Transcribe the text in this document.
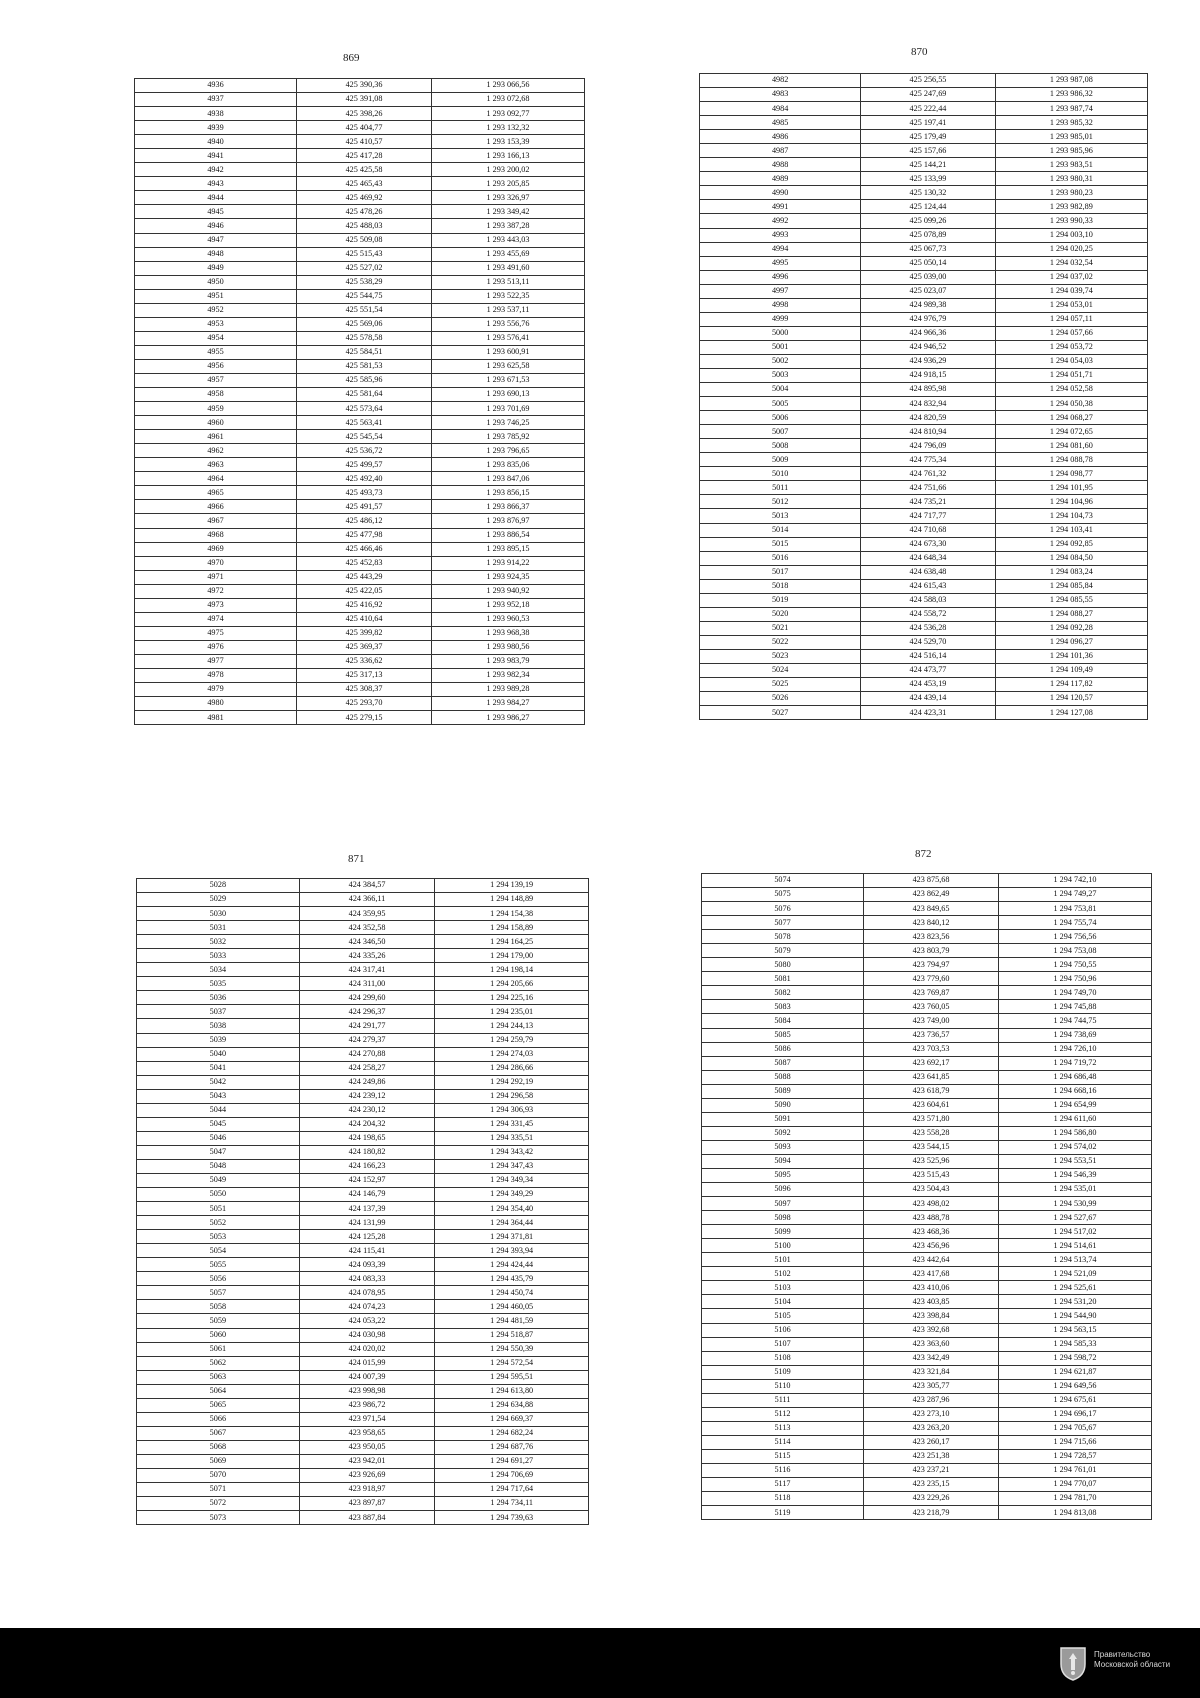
869	870
871	872
4936	425 390,36	1 293 066,56
4937	425 391,08	1 293 072,68
4938	425 398,26	1 293 092,77
4939	425 404,77	1 293 132,32
4940	425 410,57	1 293 153,39
4941	425 417,28	1 293 166,13
4942	425 425,58	1 293 200,02
4943	425 465,43	1 293 205,85
4944	425 469,92	1 293 326,97
4945	425 478,26	1 293 349,42
4946	425 488,03	1 293 387,28
4947	425 509,08	1 293 443,03
4948	425 515,43	1 293 455,69
4949	425 527,02	1 293 491,60
4950	425 538,29	1 293 513,11
4951	425 544,75	1 293 522,35
4952	425 551,54	1 293 537,11
4953	425 569,06	1 293 556,76
4954	425 578,58	1 293 576,41
4955	425 584,51	1 293 600,91
4956	425 581,53	1 293 625,58
4957	425 585,96	1 293 671,53
4958	425 581,64	1 293 690,13
4959	425 573,64	1 293 701,69
4960	425 563,41	1 293 746,25
4961	425 545,54	1 293 785,92
4962	425 536,72	1 293 796,65
4963	425 499,57	1 293 835,06
4964	425 492,40	1 293 847,06
4965	425 493,73	1 293 856,15
4966	425 491,57	1 293 866,37
4967	425 486,12	1 293 876,97
4968	425 477,98	1 293 886,54
4969	425 466,46	1 293 895,15
4970	425 452,83	1 293 914,22
4971	425 443,29	1 293 924,35
4972	425 422,05	1 293 940,92
4973	425 416,92	1 293 952,18
4974	425 410,64	1 293 960,53
4975	425 399,82	1 293 968,38
4976	425 369,37	1 293 980,56
4977	425 336,62	1 293 983,79
4978	425 317,13	1 293 982,34
4979	425 308,37	1 293 989,28
4980	425 293,70	1 293 984,27
4981	425 279,15	1 293 986,27
4982	425 256,55	1 293 987,08
4983	425 247,69	1 293 986,32
4984	425 222,44	1 293 987,74
4985	425 197,41	1 293 985,32
4986	425 179,49	1 293 985,01
4987	425 157,66	1 293 985,96
4988	425 144,21	1 293 983,51
4989	425 133,99	1 293 980,31
4990	425 130,32	1 293 980,23
4991	425 124,44	1 293 982,89
4992	425 099,26	1 293 990,33
4993	425 078,89	1 294 003,10
4994	425 067,73	1 294 020,25
4995	425 050,14	1 294 032,54
4996	425 039,00	1 294 037,02
4997	425 023,07	1 294 039,74
4998	424 989,38	1 294 053,01
4999	424 976,79	1 294 057,11
5000	424 966,36	1 294 057,66
5001	424 946,52	1 294 053,72
5002	424 936,29	1 294 054,03
5003	424 918,15	1 294 051,71
5004	424 895,98	1 294 052,58
5005	424 832,94	1 294 050,38
5006	424 820,59	1 294 068,27
5007	424 810,94	1 294 072,65
5008	424 796,09	1 294 081,60
5009	424 775,34	1 294 088,78
5010	424 761,32	1 294 098,77
5011	424 751,66	1 294 101,95
5012	424 735,21	1 294 104,96
5013	424 717,77	1 294 104,73
5014	424 710,68	1 294 103,41
5015	424 673,30	1 294 092,85
5016	424 648,34	1 294 084,50
5017	424 638,48	1 294 083,24
5018	424 615,43	1 294 085,84
5019	424 588,03	1 294 085,55
5020	424 558,72	1 294 088,27
5021	424 536,28	1 294 092,28
5022	424 529,70	1 294 096,27
5023	424 516,14	1 294 101,36
5024	424 473,77	1 294 109,49
5025	424 453,19	1 294 117,82
5026	424 439,14	1 294 120,57
5027	424 423,31	1 294 127,08
5028	424 384,57	1 294 139,19
5029	424 366,11	1 294 148,89
5030	424 359,95	1 294 154,38
5031	424 352,58	1 294 158,89
5032	424 346,50	1 294 164,25
5033	424 335,26	1 294 179,00
5034	424 317,41	1 294 198,14
5035	424 311,00	1 294 205,66
5036	424 299,60	1 294 225,16
5037	424 296,37	1 294 235,01
5038	424 291,77	1 294 244,13
5039	424 279,37	1 294 259,79
5040	424 270,88	1 294 274,03
5041	424 258,27	1 294 286,66
5042	424 249,86	1 294 292,19
5043	424 239,12	1 294 296,58
5044	424 230,12	1 294 306,93
5045	424 204,32	1 294 331,45
5046	424 198,65	1 294 335,51
5047	424 180,82	1 294 343,42
5048	424 166,23	1 294 347,43
5049	424 152,97	1 294 349,34
5050	424 146,79	1 294 349,29
5051	424 137,39	1 294 354,40
5052	424 131,99	1 294 364,44
5053	424 125,28	1 294 371,81
5054	424 115,41	1 294 393,94
5055	424 093,39	1 294 424,44
5056	424 083,33	1 294 435,79
5057	424 078,95	1 294 450,74
5058	424 074,23	1 294 460,05
5059	424 053,22	1 294 481,59
5060	424 030,98	1 294 518,87
5061	424 020,02	1 294 550,39
5062	424 015,99	1 294 572,54
5063	424 007,39	1 294 595,51
5064	423 998,98	1 294 613,80
5065	423 986,72	1 294 634,88
5066	423 971,54	1 294 669,37
5067	423 958,65	1 294 682,24
5068	423 950,05	1 294 687,76
5069	423 942,01	1 294 691,27
5070	423 926,69	1 294 706,69
5071	423 918,97	1 294 717,64
5072	423 897,87	1 294 734,11
5073	423 887,84	1 294 739,63
5074	423 875,68	1 294 742,10
5075	423 862,49	1 294 749,27
5076	423 849,65	1 294 753,81
5077	423 840,12	1 294 755,74
5078	423 823,56	1 294 756,56
5079	423 803,79	1 294 753,08
5080	423 794,97	1 294 750,55
5081	423 779,60	1 294 750,96
5082	423 769,87	1 294 749,70
5083	423 760,05	1 294 745,88
5084	423 749,00	1 294 744,75
5085	423 736,57	1 294 738,69
5086	423 703,53	1 294 726,10
5087	423 692,17	1 294 719,72
5088	423 641,85	1 294 686,48
5089	423 618,79	1 294 668,16
5090	423 604,61	1 294 654,99
5091	423 571,80	1 294 611,60
5092	423 558,28	1 294 586,80
5093	423 544,15	1 294 574,02
5094	423 525,96	1 294 553,51
5095	423 515,43	1 294 546,39
5096	423 504,43	1 294 535,01
5097	423 498,02	1 294 530,99
5098	423 488,78	1 294 527,67
5099	423 468,36	1 294 517,02
5100	423 456,96	1 294 514,61
5101	423 442,64	1 294 513,74
5102	423 417,68	1 294 521,09
5103	423 410,06	1 294 525,61
5104	423 403,85	1 294 531,20
5105	423 398,84	1 294 544,90
5106	423 392,68	1 294 563,15
5107	423 363,60	1 294 585,33
5108	423 342,49	1 294 598,72
5109	423 321,84	1 294 621,87
5110	423 305,77	1 294 649,56
5111	423 287,96	1 294 675,61
5112	423 273,10	1 294 696,17
5113	423 263,20	1 294 705,67
5114	423 260,17	1 294 715,66
5115	423 251,38	1 294 728,57
5116	423 237,21	1 294 761,01
5117	423 235,15	1 294 770,07
5118	423 229,26	1 294 781,70
5119	423 218,79	1 294 813,08
Правительство
Московской области
